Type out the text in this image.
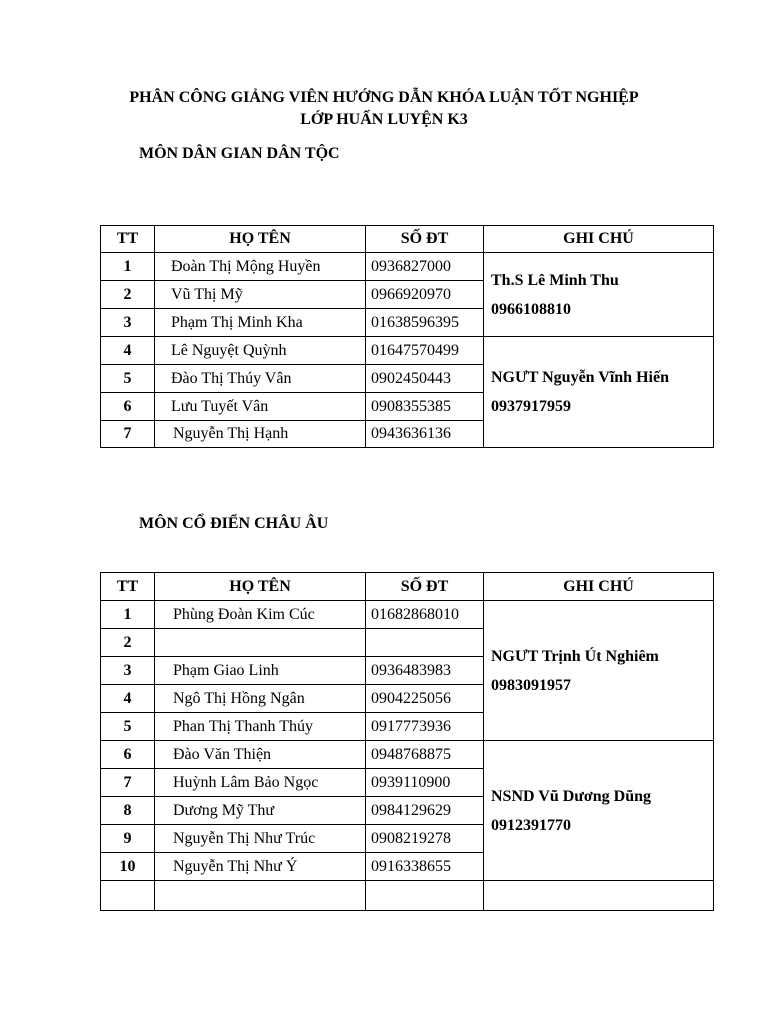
PHÂN CÔNG GIẢNG VIÊN HƯỚNG DẪN KHÓA LUẬN TỐT NGHIỆP
LỚP HUẤN LUYỆN K3
MÔN DÂN GIAN DÂN TỘC
TT	HỌ TÊN	SỐ ĐT	GHI CHÚ
1	Đoàn Thị Mộng Huyền	0936827000	Th.S Lê Minh Thu
0966108810

2	Vũ Thị Mỹ	0966920970	
3	Phạm Thị Minh Kha	01638596395	
4	Lê Nguyệt Quỳnh	01647570499	NGƯT Nguyễn Vĩnh Hiến
0937917959

5	Đào Thị Thúy Vân	0902450443	
6	Lưu Tuyết Vân	0908355385	
7	Nguyễn Thị Hạnh	0943636136	
MÔN CỔ ĐIỂN CHÂU ÂU
TT	HỌ TÊN	SỐ ĐT	GHI CHÚ
1	Phùng Đoàn Kim Cúc	01682868010	NGƯT Trịnh Út Nghiêm
0983091957

2			
3	Phạm Giao Linh	0936483983	
4	Ngô Thị Hồng Ngân	0904225056	
5	Phan Thị Thanh Thúy	0917773936	
6	Đào Văn Thiện	0948768875	NSND Vũ Dương Dũng
0912391770

7	Huỳnh Lâm Bảo Ngọc	0939110900	
8	Dương Mỹ Thư	0984129629	
9	Nguyễn Thị Như Trúc	0908219278	
10	Nguyễn Thị Như Ý	0916338655	
